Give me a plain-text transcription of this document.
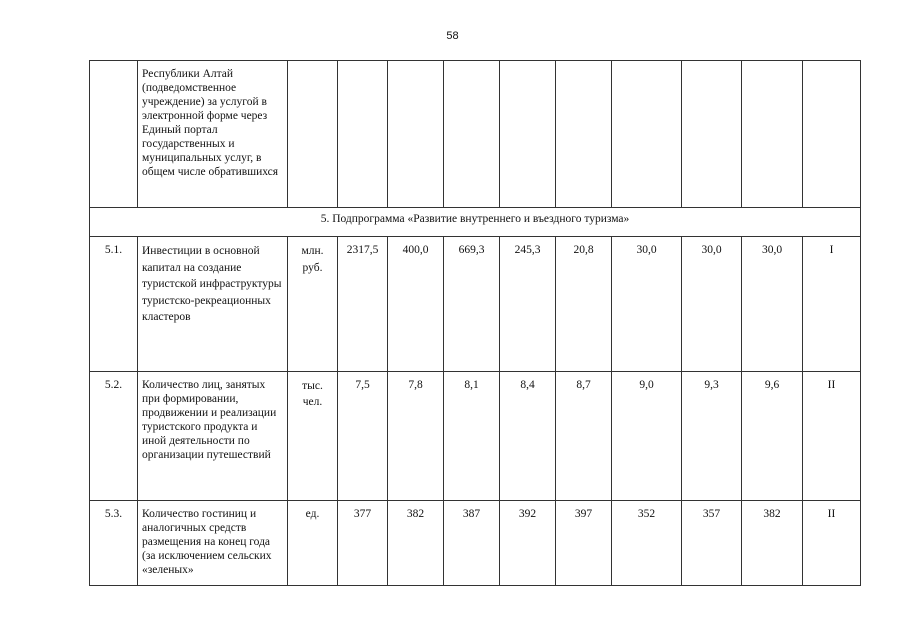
58
	Республики Алтай (подведомственное учреждение) за услугой в электронной форме через Единый портал государственных и муниципальных услуг, в общем числе обратившихся										
5. Подпрограмма «Развитие внутреннего и въездного туризма»											
5.1.	Инвестиции в основной капитал на создание туристской инфраструктуры туристско-рекреационных кластеров	млн. руб.	2317,5	400,0	669,3	245,3	20,8	30,0	30,0	30,0	I
5.2.	Количество лиц, занятых при формировании, продвижении и реализации туристского продукта и иной деятельности по организации путешествий	тыс. чел.	7,5	7,8	8,1	8,4	8,7	9,0	9,3	9,6	II
5.3.	Количество гостиниц и аналогичных средств размещения на конец года (за исключением сельских «зеленых»	ед.	377	382	387	392	397	352	357	382	II
